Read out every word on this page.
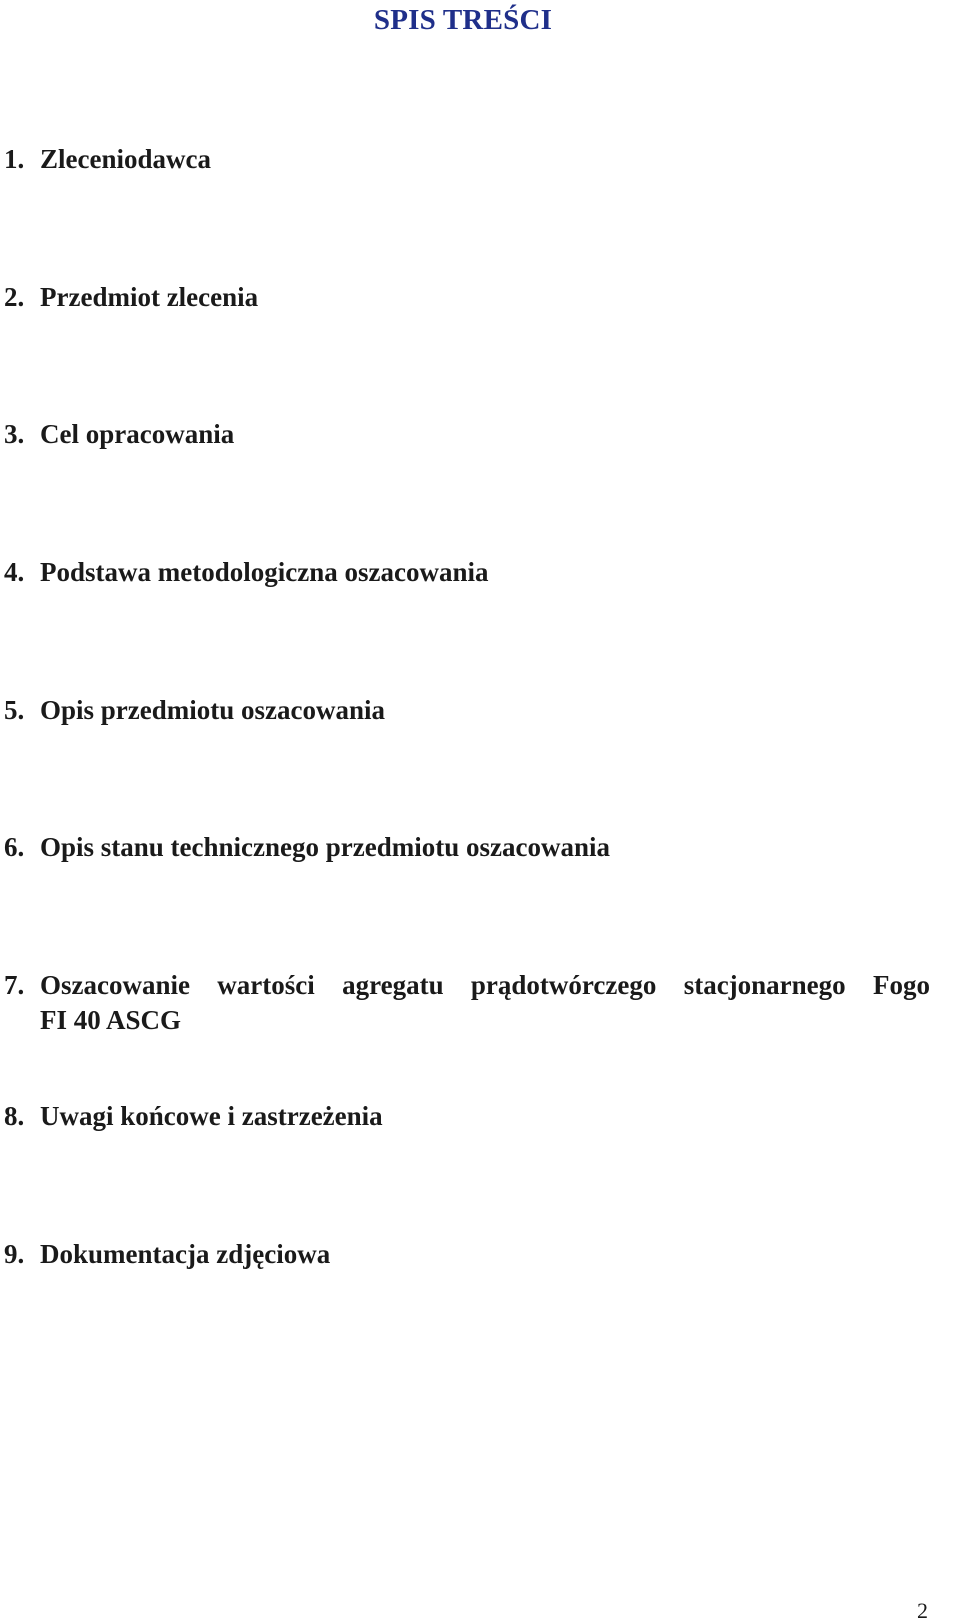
SPIS TREŚCI
1. Zleceniodawca
2. Przedmiot zlecenia
3. Cel opracowania
4. Podstawa metodologiczna oszacowania
5. Opis przedmiotu oszacowania
6. Opis stanu technicznego przedmiotu oszacowania
7. Oszacowanie wartości agregatu prądotwórczego stacjonarnego Fogo
FI 40 ASCG
8. Uwagi końcowe i zastrzeżenia
9. Dokumentacja zdjęciowa
2
